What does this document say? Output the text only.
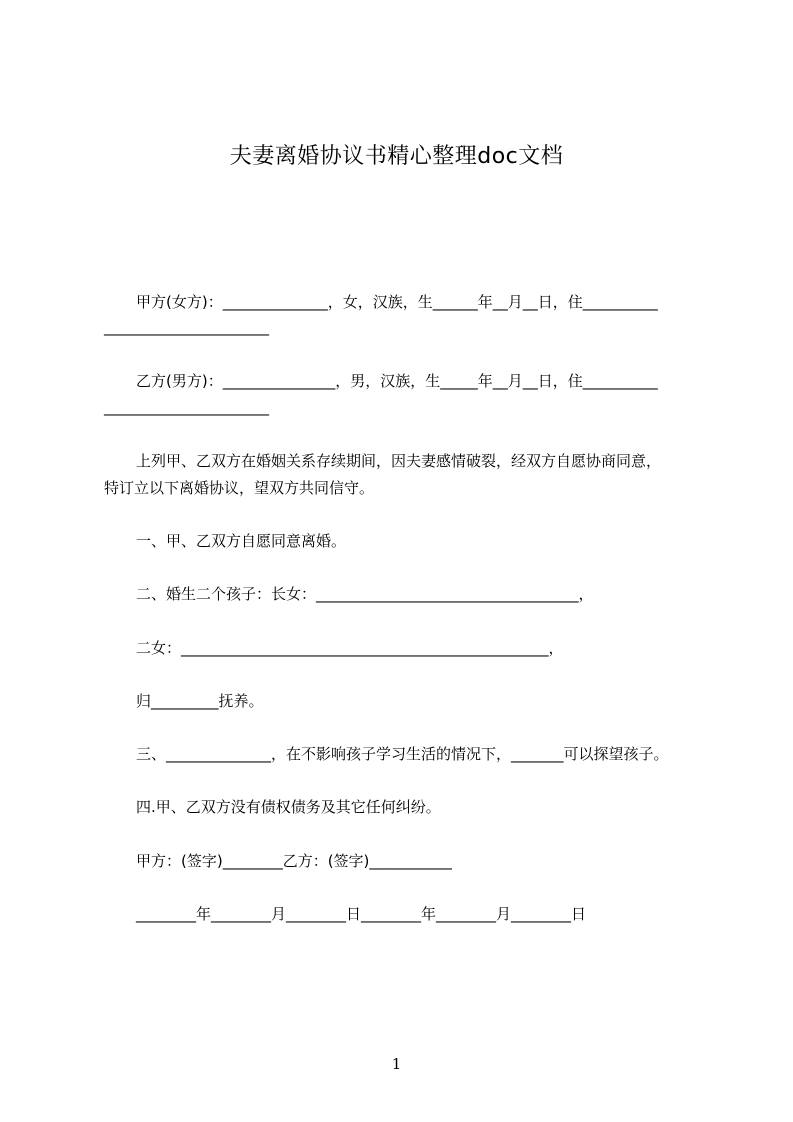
夫妻离婚协议书精心整理doc文档

甲方(女方)：______________，女，汉族，生______年__月__日，住__________

______________________

乙方(男方)：_______________，男，汉族，生_____年__月__日，住__________

______________________

上列甲、乙双方在婚姻关系存续期间，因夫妻感情破裂，经双方自愿协商同意，

特订立以下离婚协议，望双方共同信守。

一、甲、乙双方自愿同意离婚。

二、婚生二个孩子：长女：___________________________________，

二女：_________________________________________________，

归_________抚养。

三、______________，在不影响孩子学习生活的情况下，_______可以探望孩子。

四.甲、乙双方没有债权债务及其它任何纠纷。

甲方：(签字)________乙方：(签字)___________

________年________月________日________年________月________日

1
